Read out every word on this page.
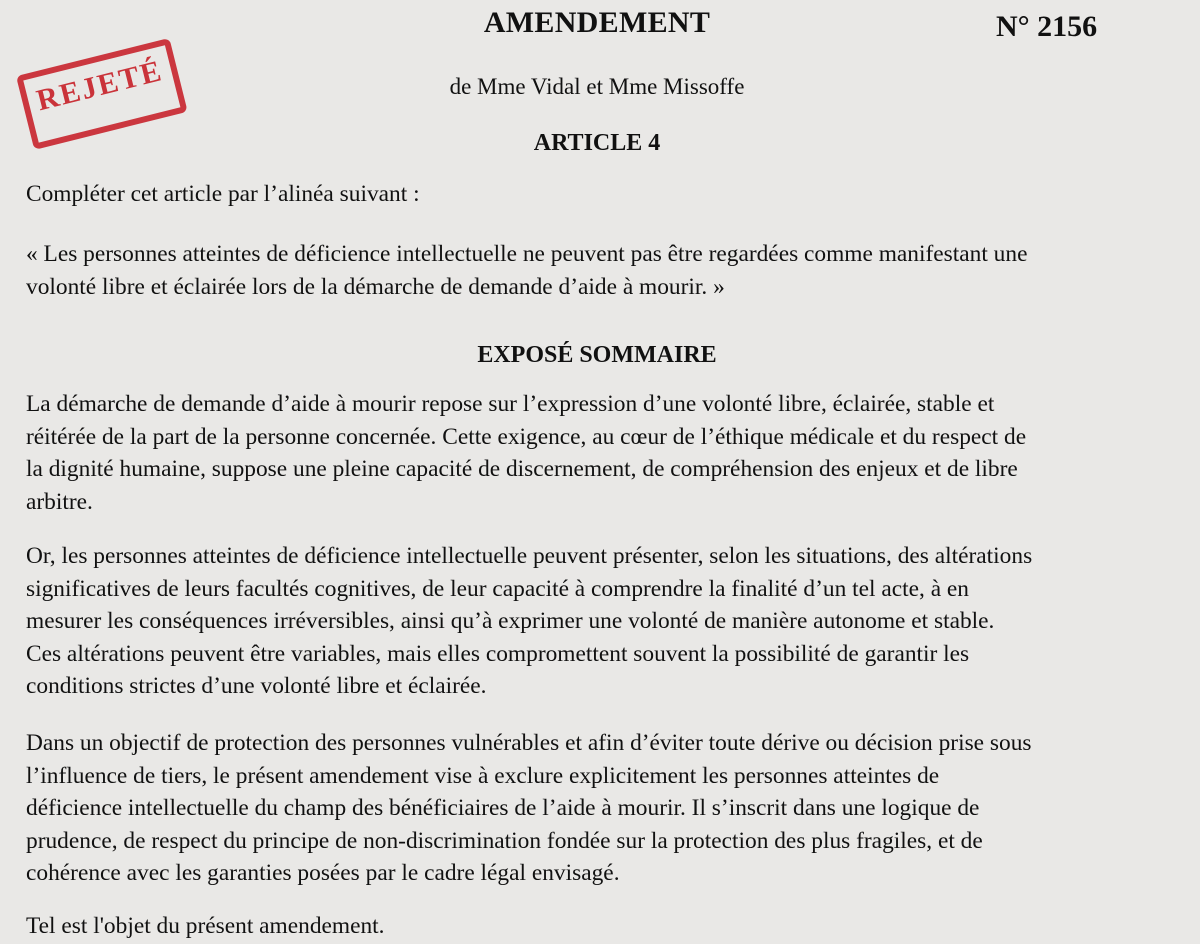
AMENDEMENT	N° 2156
REJETÉ	de Mme Vidal et Mme Missoffe
ARTICLE 4
Compléter cet article par l’alinéa suivant :
« Les personnes atteintes de déficience intellectuelle ne peuvent pas être regardées comme manifestant une
volonté libre et éclairée lors de la démarche de demande d’aide à mourir. »
EXPOSÉ SOMMAIRE
La démarche de demande d’aide à mourir repose sur l’expression d’une volonté libre, éclairée, stable et
réitérée de la part de la personne concernée. Cette exigence, au cœur de l’éthique médicale et du respect de
la dignité humaine, suppose une pleine capacité de discernement, de compréhension des enjeux et de libre
arbitre.
Or, les personnes atteintes de déficience intellectuelle peuvent présenter, selon les situations, des altérations
significatives de leurs facultés cognitives, de leur capacité à comprendre la finalité d’un tel acte, à en
mesurer les conséquences irréversibles, ainsi qu’à exprimer une volonté de manière autonome et stable.
Ces altérations peuvent être variables, mais elles compromettent souvent la possibilité de garantir les
conditions strictes d’une volonté libre et éclairée.
Dans un objectif de protection des personnes vulnérables et afin d’éviter toute dérive ou décision prise sous
l’influence de tiers, le présent amendement vise à exclure explicitement les personnes atteintes de
déficience intellectuelle du champ des bénéficiaires de l’aide à mourir. Il s’inscrit dans une logique de
prudence, de respect du principe de non-discrimination fondée sur la protection des plus fragiles, et de
cohérence avec les garanties posées par le cadre légal envisagé.
Tel est l'objet du présent amendement.
